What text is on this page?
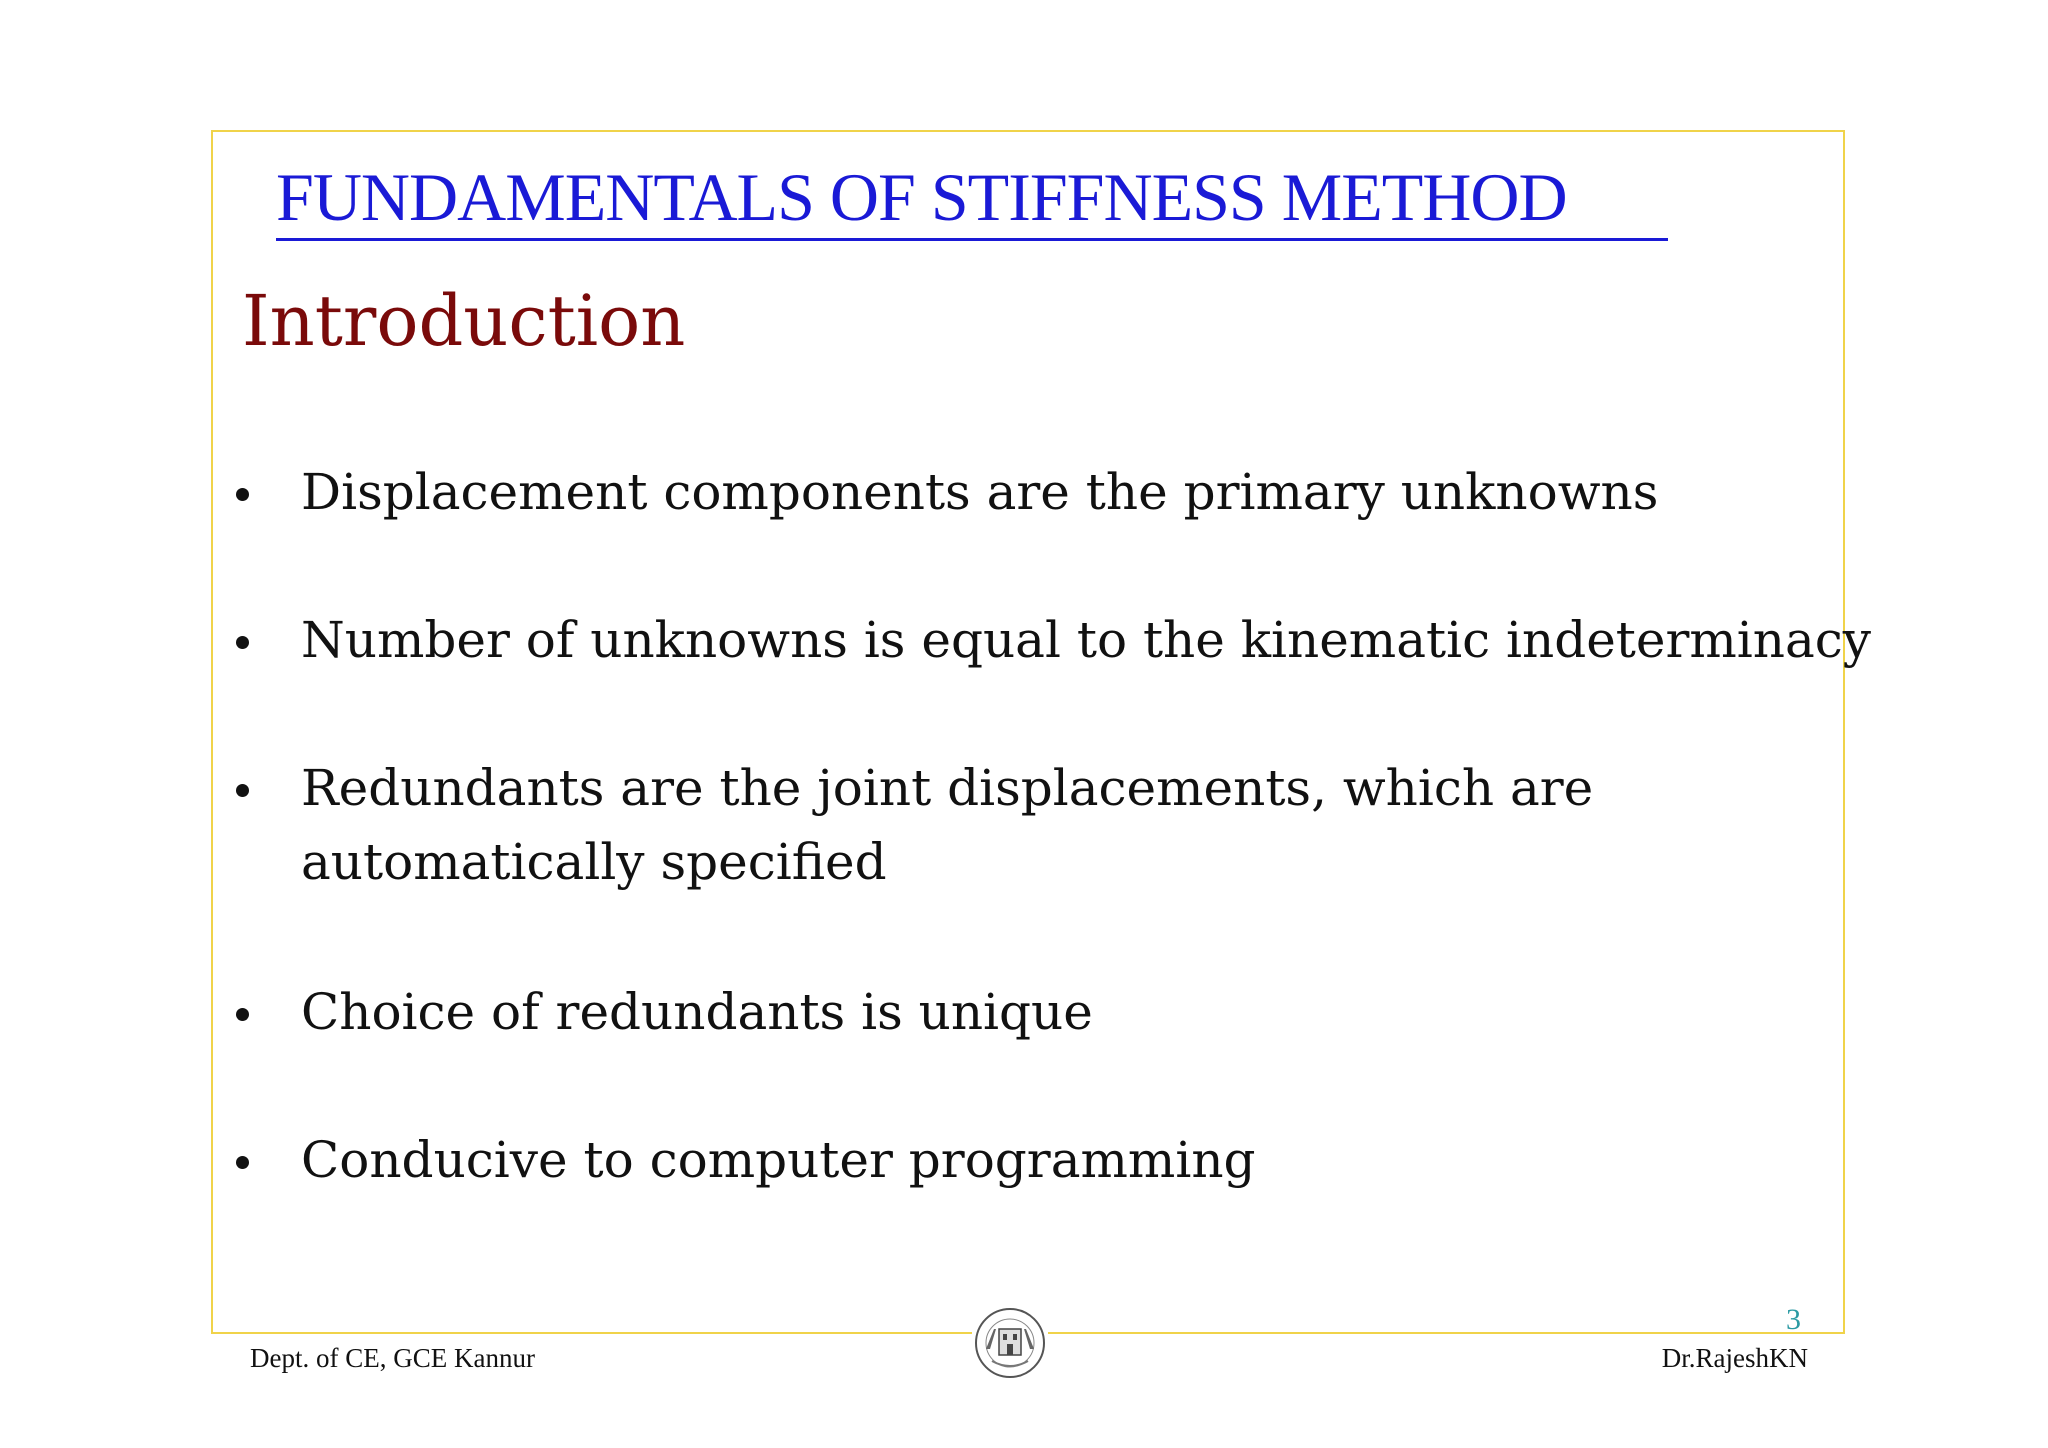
FUNDAMENTALS OF STIFFNESS METHOD
Introduction
Displacement components are the primary unknowns
Number of unknowns is equal to the kinematic indeterminacy
Redundants are the joint displacements, which are
automatically specified
Choice of redundants is unique
Conducive to computer programming
3
Dept. of CE, GCE Kannur	Dr.RajeshKN
